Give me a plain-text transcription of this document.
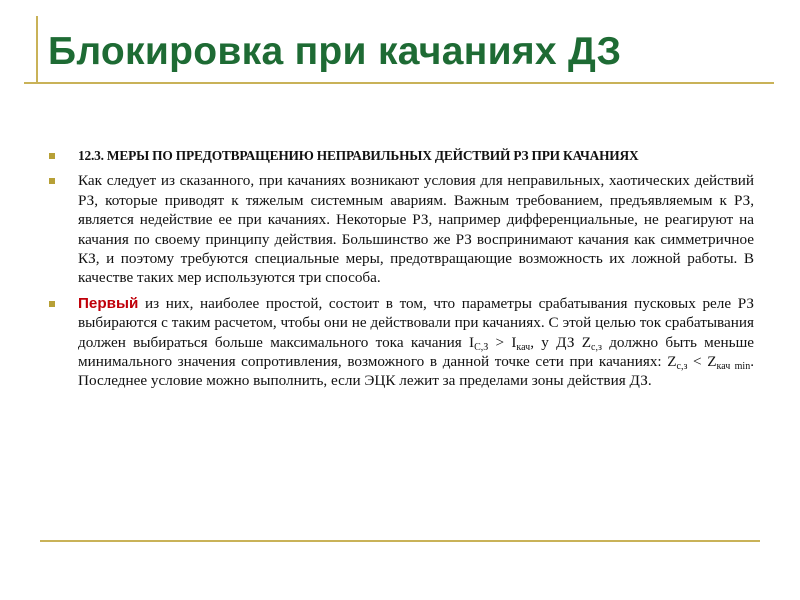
Блокировка при качаниях ДЗ
12.3. МЕРЫ ПО ПРЕДОТВРАЩЕНИЮ НЕПРАВИЛЬНЫХ ДЕЙСТВИЙ РЗ ПРИ КАЧАНИЯХ
Как следует из сказанного, при качаниях возникают условия для неправильных, хаотических действий РЗ, которые приводят к тяжелым системным авариям. Важным требованием, предъявляемым к РЗ, является недействие ее при качаниях. Некоторые РЗ, например дифференциальные, не реагируют на качания по своему принципу действия. Большинство же РЗ воспринимают качания как симметричное КЗ, и поэтому требуются специальные меры, предотвращающие возможность их ложной работы. В качестве таких мер используются три способа.
Первый из них, наиболее простой, состоит в том, что параметры срабатывания пусковых реле РЗ выбираются с таким расчетом, чтобы они не действовали при качаниях. С этой целью ток срабатывания должен выбираться больше максимального тока качания $I_{С,З} > I_{кач}$, у ДЗ $Z_{с,з}$ должно быть меньше минимального значения сопротивления, возможного в данной точке сети при качаниях: $Z_{с,з} < Z_{кач min}$. Последнее условие можно выполнить, если ЭЦК лежит за пределами зоны действия ДЗ.
